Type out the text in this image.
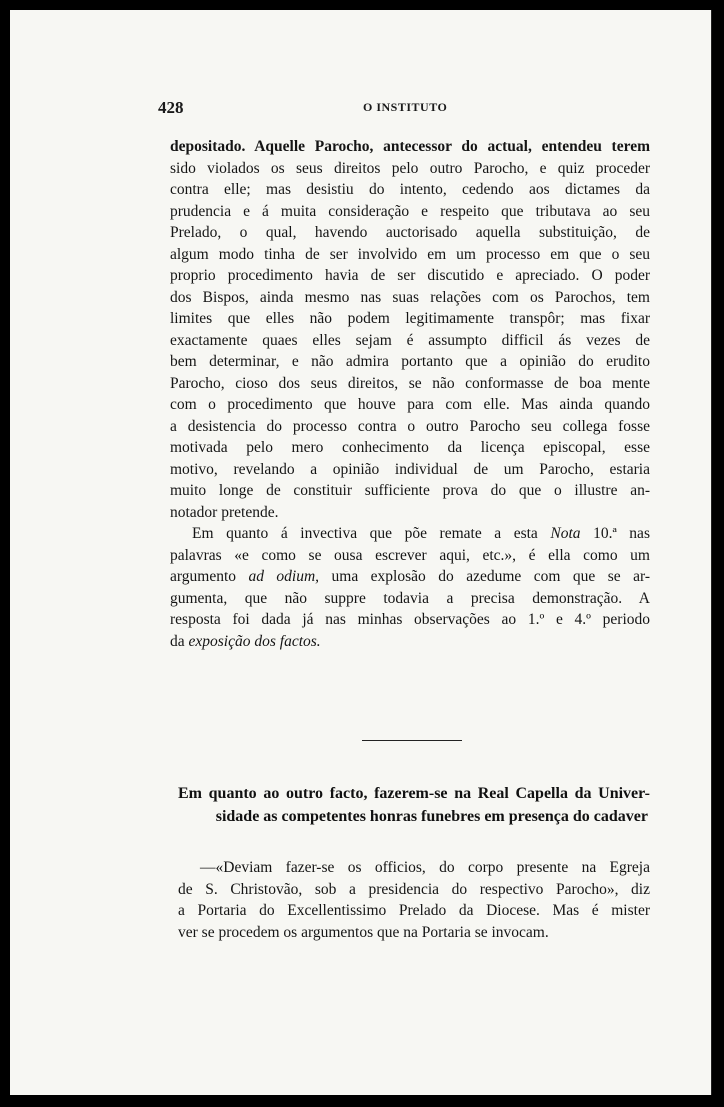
428	O INSTITUTO
depositado. Aquelle Parocho, antecessor do actual, entendeu terem
sido violados os seus direitos pelo outro Parocho, e quiz proceder
contra elle; mas desistiu do intento, cedendo aos dictames da
prudencia e á muita consideração e respeito que tributava ao seu
Prelado, o qual, havendo auctorisado aquella substituição, de
algum modo tinha de ser involvido em um processo em que o seu
proprio procedimento havia de ser discutido e apreciado. O poder
dos Bispos, ainda mesmo nas suas relações com os Parochos, tem
limites que elles não podem legitimamente transpôr; mas fixar
exactamente quaes elles sejam é assumpto difficil ás vezes de
bem determinar, e não admira portanto que a opinião do erudito
Parocho, cioso dos seus direitos, se não conformasse de boa mente
com o procedimento que houve para com elle. Mas ainda quando
a desistencia do processo contra o outro Parocho seu collega fosse
motivada pelo mero conhecimento da licença episcopal, esse
motivo, revelando a opinião individual de um Parocho, estaria
muito longe de constituir sufficiente prova do que o illustre an-
notador pretende.
Em quanto á invectiva que põe remate a esta Nota 10.ª nas
palavras «e como se ousa escrever aqui, etc.», é ella como um
argumento ad odium, uma explosão do azedume com que se ar-
gumenta, que não suppre todavia a precisa demonstração. A
resposta foi dada já nas minhas observações ao 1.º e 4.º periodo
da exposição dos factos.
Em quanto ao outro facto, fazerem-se na Real Capella da Univer-
sidade as competentes honras funebres em presença do cadaver
—«Deviam fazer-se os officios, do corpo presente na Egreja
de S. Christovão, sob a presidencia do respectivo Parocho», diz
a Portaria do Excellentissimo Prelado da Diocese. Mas é mister
ver se procedem os argumentos que na Portaria se invocam.
